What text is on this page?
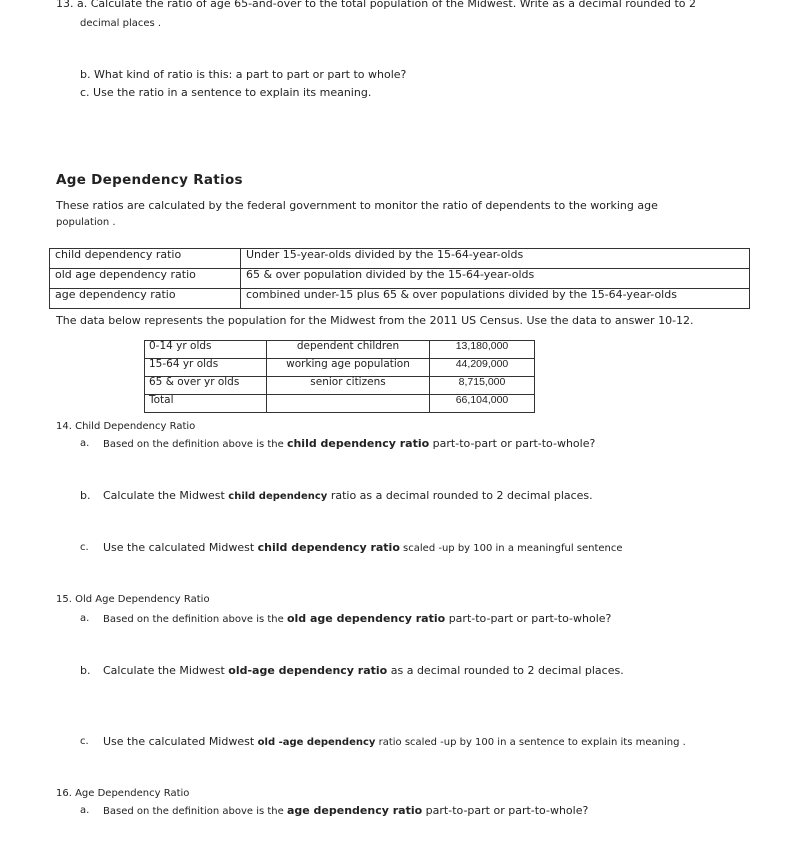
13. a. Calculate the ratio of age 65-and-over to the total population of the Midwest. Write as a decimal rounded to 2
decimal places .
b. What kind of ratio is this: a part to part or part to whole?
c. Use the ratio in a sentence to explain its meaning.
Age Dependency Ratios
These ratios are calculated by the federal government to monitor the ratio of dependents to the working age
population .
child dependency ratio	Under 15-year-olds divided by the 15-64-year-olds
old age dependency ratio	65 & over population divided by the 15-64-year-olds
age dependency ratio	combined under-15 plus 65 & over populations divided by the 15-64-year-olds
The data below represents the population for the Midwest from the 2011 US Census. Use the data to answer 10-12.
0-14 yr olds	dependent children	13,180,000
15-64 yr olds	working age population	44,209,000
65 & over yr olds	senior citizens	8,715,000
Total		66,104,000
14. Child Dependency Ratio
a. Based on the definition above is the child dependency ratio part-to-part or part-to-whole?
b. Calculate the Midwest child dependency ratio as a decimal rounded to 2 decimal places.
c. Use the calculated Midwest child dependency ratio scaled -up by 100 in a meaningful sentence
15. Old Age Dependency Ratio
a. Based on the definition above is the old age dependency ratio part-to-part or part-to-whole?
b. Calculate the Midwest old-age dependency ratio as a decimal rounded to 2 decimal places.
c. Use the calculated Midwest old -age dependency ratio scaled -up by 100 in a sentence to explain its meaning .
16. Age Dependency Ratio
a. Based on the definition above is the age dependency ratio part-to-part or part-to-whole?
